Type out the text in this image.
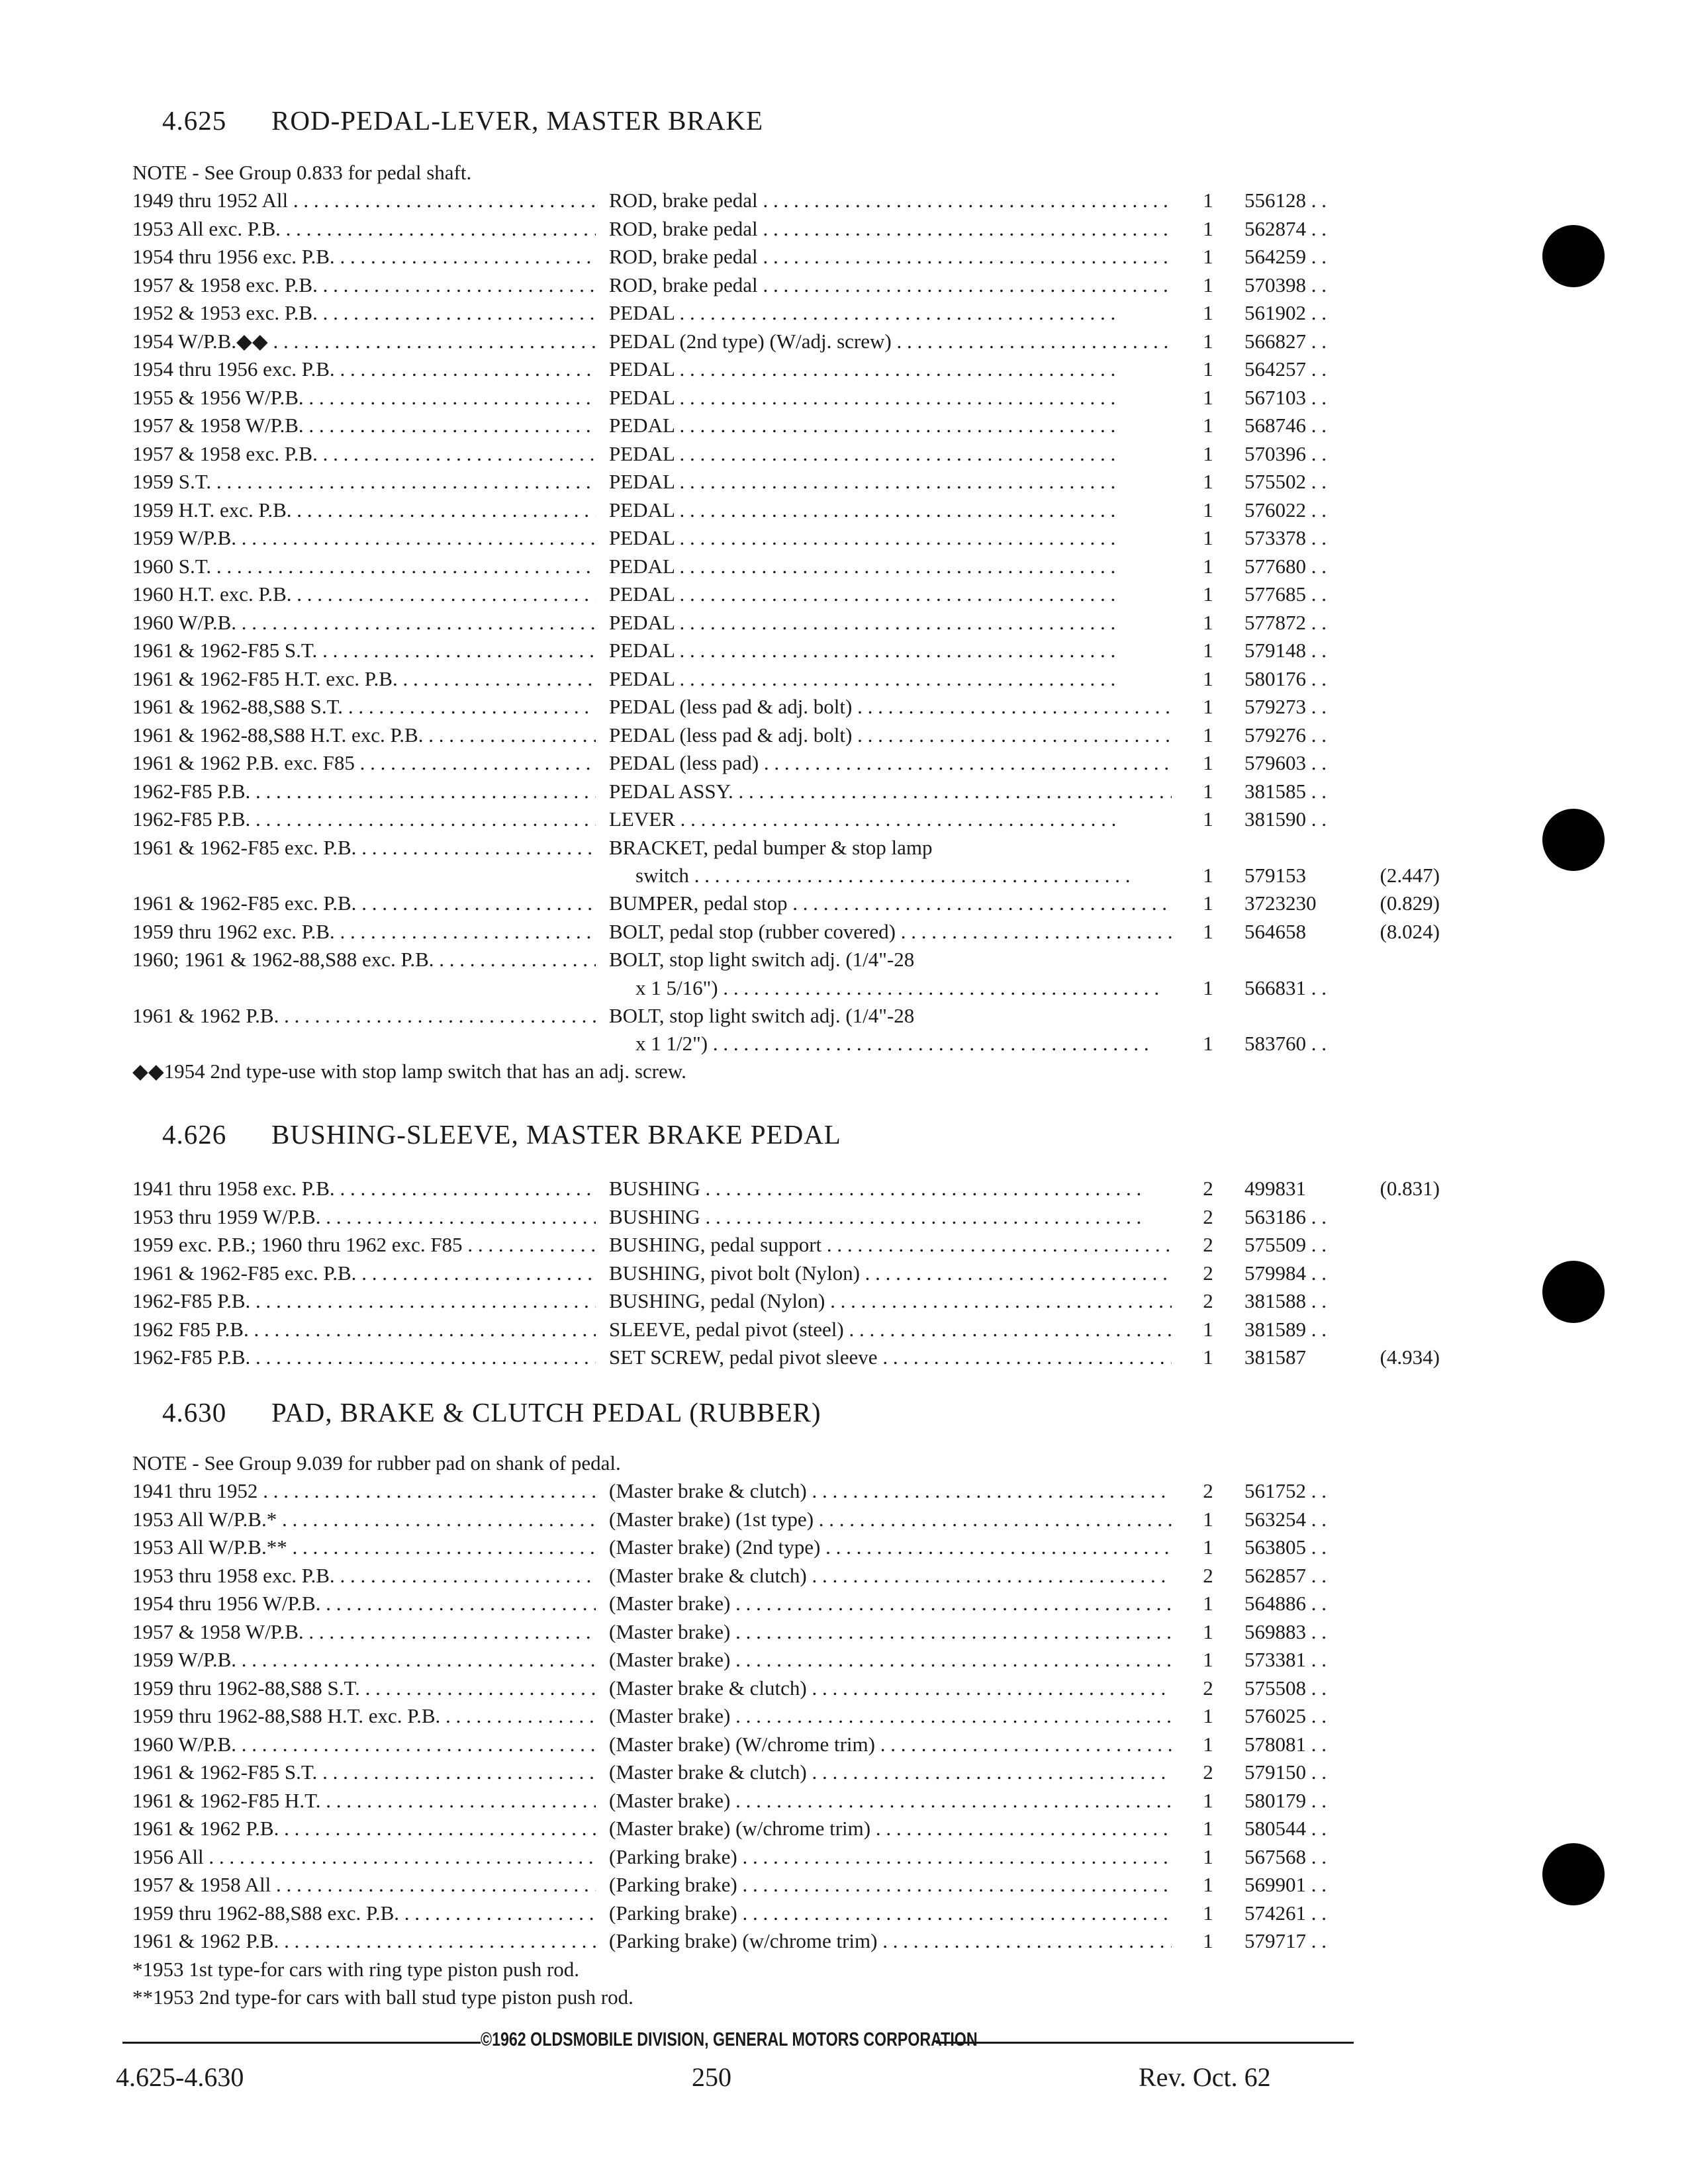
4.625 ROD-PEDAL-LEVER, MASTER BRAKE
NOTE - See Group 0.833 for pedal shaft.
1949 thru 1952 All . . .	ROD, brake pedal . . .	1	556128 . . .
1953 All exc. P.B. . . .	ROD, brake pedal . . .	1	562874 . . .
1954 thru 1956 exc. P.B. . . .	ROD, brake pedal . . .	1	564259 . . .
1957 & 1958 exc. P.B. . . .	ROD, brake pedal . . .	1	570398 . . .
1952 & 1953 exc. P.B. . . .	PEDAL . . .	1	561902 . . .
1954 W/P.B.◆◆ . . .	PEDAL (2nd type) (W/adj. screw) . . .	1	566827 . . .
1954 thru 1956 exc. P.B. . . .	PEDAL . . .	1	564257 . . .
1955 & 1956 W/P.B. . . .	PEDAL . . .	1	567103 . . .
1957 & 1958 W/P.B. . . .	PEDAL . . .	1	568746 . . .
1957 & 1958 exc. P.B. . . .	PEDAL . . .	1	570396 . . .
1959 S.T. . . .	PEDAL . . .	1	575502 . . .
1959 H.T. exc. P.B. . . .	PEDAL . . .	1	576022 . . .
1959 W/P.B. . . .	PEDAL . . .	1	573378 . . .
1960 S.T. . . .	PEDAL . . .	1	577680 . . .
1960 H.T. exc. P.B. . . .	PEDAL . . .	1	577685 . . .
1960 W/P.B. . . .	PEDAL . . .	1	577872 . . .
1961 & 1962-F85 S.T. . . .	PEDAL . . .	1	579148 . . .
1961 & 1962-F85 H.T. exc. P.B. . . .	PEDAL . . .	1	580176 . . .
1961 & 1962-88,S88 S.T. . . .	PEDAL (less pad & adj. bolt) . . .	1	579273 . . .
1961 & 1962-88,S88 H.T. exc. P.B. . . .	PEDAL (less pad & adj. bolt) . . .	1	579276 . . .
1961 & 1962 P.B. exc. F85 . . .	PEDAL (less pad) . . .	1	579603 . . .
1962-F85 P.B. . . .	PEDAL ASSY. . . .	1	381585 . . .
1962-F85 P.B. . . .	LEVER . . .	1	381590 . . .
1961 & 1962-F85 exc. P.B. . . .	BRACKET, pedal bumper & stop lamp
switch . . .	1	579153	(2.447)
1961 & 1962-F85 exc. P.B. . . .	BUMPER, pedal stop . . .	1	3723230	(0.829)
1959 thru 1962 exc. P.B. . . .	BOLT, pedal stop (rubber covered) . . .	1	564658	(8.024)
1960; 1961 & 1962-88,S88 exc. P.B. . . .	BOLT, stop light switch adj. (1/4"-28
x 1 5/16") . . .	1	566831 . . .
1961 & 1962 P.B. . . .	BOLT, stop light switch adj. (1/4"-28
x 1 1/2") . . .	1	583760 . . .
◆◆1954 2nd type-use with stop lamp switch that has an adj. screw.
4.626 BUSHING-SLEEVE, MASTER BRAKE PEDAL
1941 thru 1958 exc. P.B. . . .	BUSHING . . .	2	499831	(0.831)
1953 thru 1959 W/P.B. . . .	BUSHING . . .	2	563186 . . .
1959 exc. P.B.; 1960 thru 1962 exc. F85 . . .	BUSHING, pedal support . . .	2	575509 . . .
1961 & 1962-F85 exc. P.B. . . .	BUSHING, pivot bolt (Nylon) . . .	2	579984 . . .
1962-F85 P.B. . . .	BUSHING, pedal (Nylon) . . .	2	381588 . . .
1962 F85 P.B. . . .	SLEEVE, pedal pivot (steel) . . .	1	381589 . . .
1962-F85 P.B. . . .	SET SCREW, pedal pivot sleeve . . .	1	381587	(4.934)
4.630 PAD, BRAKE & CLUTCH PEDAL (RUBBER)
NOTE - See Group 9.039 for rubber pad on shank of pedal.
1941 thru 1952 . . .	(Master brake & clutch) . . .	2	561752 . . .
1953 All W/P.B.* . . .	(Master brake) (1st type) . . .	1	563254 . . .
1953 All W/P.B.** . . .	(Master brake) (2nd type) . . .	1	563805 . . .
1953 thru 1958 exc. P.B. . . .	(Master brake & clutch) . . .	2	562857 . . .
1954 thru 1956 W/P.B. . . .	(Master brake) . . .	1	564886 . . .
1957 & 1958 W/P.B. . . .	(Master brake) . . .	1	569883 . . .
1959 W/P.B. . . .	(Master brake) . . .	1	573381 . . .
1959 thru 1962-88,S88 S.T. . . .	(Master brake & clutch) . . .	2	575508 . . .
1959 thru 1962-88,S88 H.T. exc. P.B. . . .	(Master brake) . . .	1	576025 . . .
1960 W/P.B. . . .	(Master brake) (W/chrome trim) . . .	1	578081 . . .
1961 & 1962-F85 S.T. . . .	(Master brake & clutch) . . .	2	579150 . . .
1961 & 1962-F85 H.T. . . .	(Master brake) . . .	1	580179 . . .
1961 & 1962 P.B. . . .	(Master brake) (w/chrome trim) . . .	1	580544 . . .
1956 All . . .	(Parking brake) . . .	1	567568 . . .
1957 & 1958 All . . .	(Parking brake) . . .	1	569901 . . .
1959 thru 1962-88,S88 exc. P.B. . . .	(Parking brake) . . .	1	574261 . . .
1961 & 1962 P.B. . . .	(Parking brake) (w/chrome trim) . . .	1	579717 . . .
*1953 1st type-for cars with ring type piston push rod.
**1953 2nd type-for cars with ball stud type piston push rod.
©1962 OLDSMOBILE DIVISION, GENERAL MOTORS CORPORATION
4.625-4.630	250	Rev. Oct. 62
